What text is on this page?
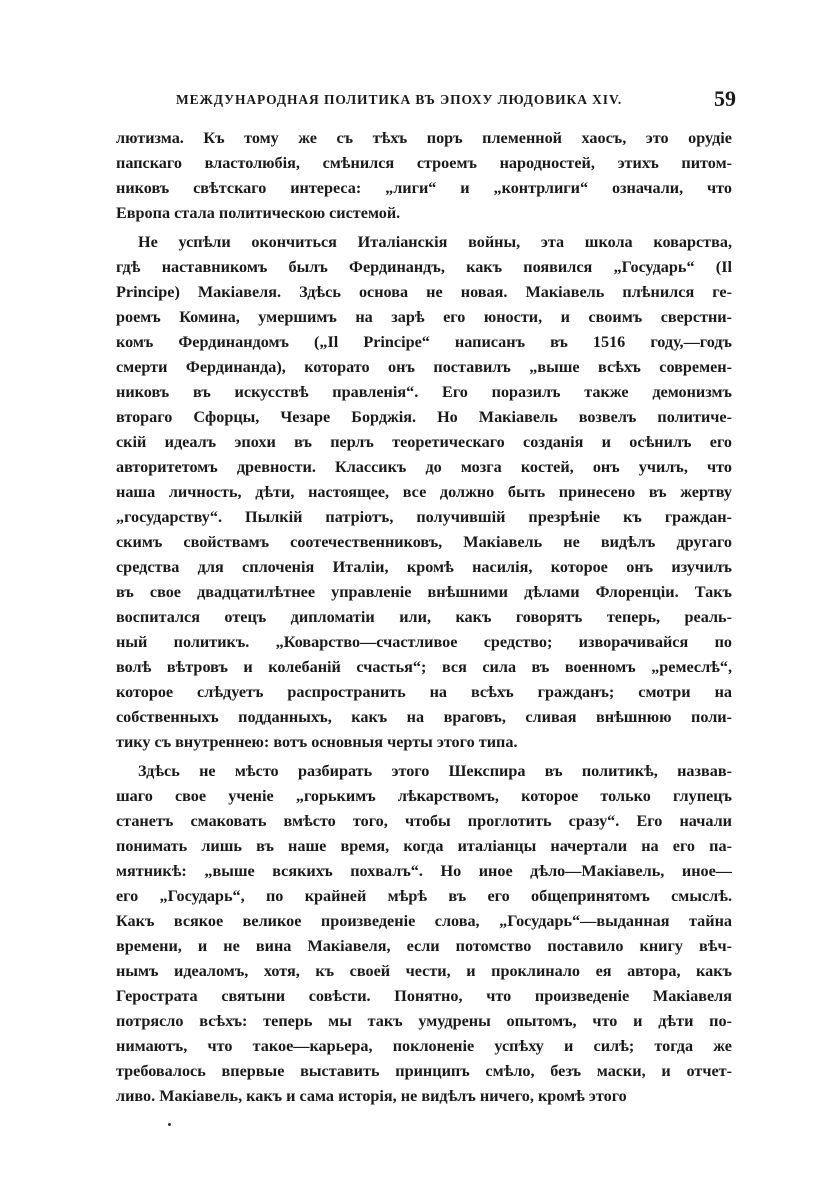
МЕЖДУНАРОДНАЯ ПОЛИТИКА ВЪ ЭПОХУ ЛЮДОВИКА XIV.	59
лютизма. Къ тому же съ тѣхъ поръ племенной хаосъ, это орудіе
папскаго властолюбія, смѣнился строемъ народностей, этихъ питом-
никовъ свѣтскаго интереса: „лиги“ и „контрлиги“ означали, что
Европа стала политическою системой.
Не успѣли окончиться Италіанскія войны, эта школа коварства,
гдѣ наставникомъ былъ Фердинандъ, какъ появился „Государь“ (Il
Principe) Макіавеля. Здѣсь основа не новая. Макіавель плѣнился ге-
роемъ Комина, умершимъ на зарѣ его юности, и своимъ сверстни-
комъ Фердинандомъ („Il Principe“ написанъ въ 1516 году,—годъ
смерти Фердинанда), которато онъ поставилъ „выше всѣхъ современ-
никовъ въ искусствѣ правленія“. Его поразилъ также демонизмъ
втораго Сфорцы, Чезаре Борджія. Но Макіавель возвелъ политиче-
скій идеалъ эпохи въ перлъ теоретическаго созданія и осѣнилъ его
авторитетомъ древности. Классикъ до мозга костей, онъ училъ, что
наша личность, дѣти, настоящее, все должно быть принесено въ жертву
„государству“. Пылкій патріотъ, получившій презрѣніе къ граждан-
скимъ свойствамъ соотечественниковъ, Макіавель не видѣлъ другаго
средства для сплоченія Италіи, кромѣ насилія, которое онъ изучилъ
въ свое двадцатилѣтнее управленіе внѣшними дѣлами Флоренціи. Такъ
воспитался отецъ дипломатіи или, какъ говорятъ теперь, реаль-
ный политикъ. „Коварство—счастливое средство; изворачивайся по
волѣ вѣтровъ и колебаній счастья“; вся сила въ военномъ „ремеслѣ“,
которое слѣдуетъ распространить на всѣхъ гражданъ; смотри на
собственныхъ подданныхъ, какъ на враговъ, сливая внѣшнюю поли-
тику съ внутреннею: вотъ основныя черты этого типа.
Здѣсь не мѣсто разбирать этого Шекспира въ политикѣ, назвав-
шаго свое ученіе „горькимъ лѣкарствомъ, которое только глупецъ
станетъ смаковать вмѣсто того, чтобы проглотить сразу“. Его начали
понимать лишь въ наше время, когда италіанцы начертали на его па-
мятникѣ: „выше всякихъ похвалъ“. Но иное дѣло—Макіавель, иное—
его „Государь“, по крайней мѣрѣ въ его общепринятомъ смыслѣ.
Какъ всякое великое произведеніе слова, „Государь“—выданная тайна
времени, и не вина Макіавеля, если потомство поставило книгу вѣч-
нымъ идеаломъ, хотя, къ своей чести, и проклинало ея автора, какъ
Герострата святыни совѣсти. Понятно, что произведеніе Макіавеля
потрясло всѣхъ: теперь мы такъ умудрены опытомъ, что и дѣти по-
нимаютъ, что такое—карьера, поклоненіе успѣху и силѣ; тогда же
требовалось впервые выставить принципъ смѣло, безъ маски, и отчет-
ливо. Макіавель, какъ и сама исторія, не видѣлъ ничего, кромѣ этого
